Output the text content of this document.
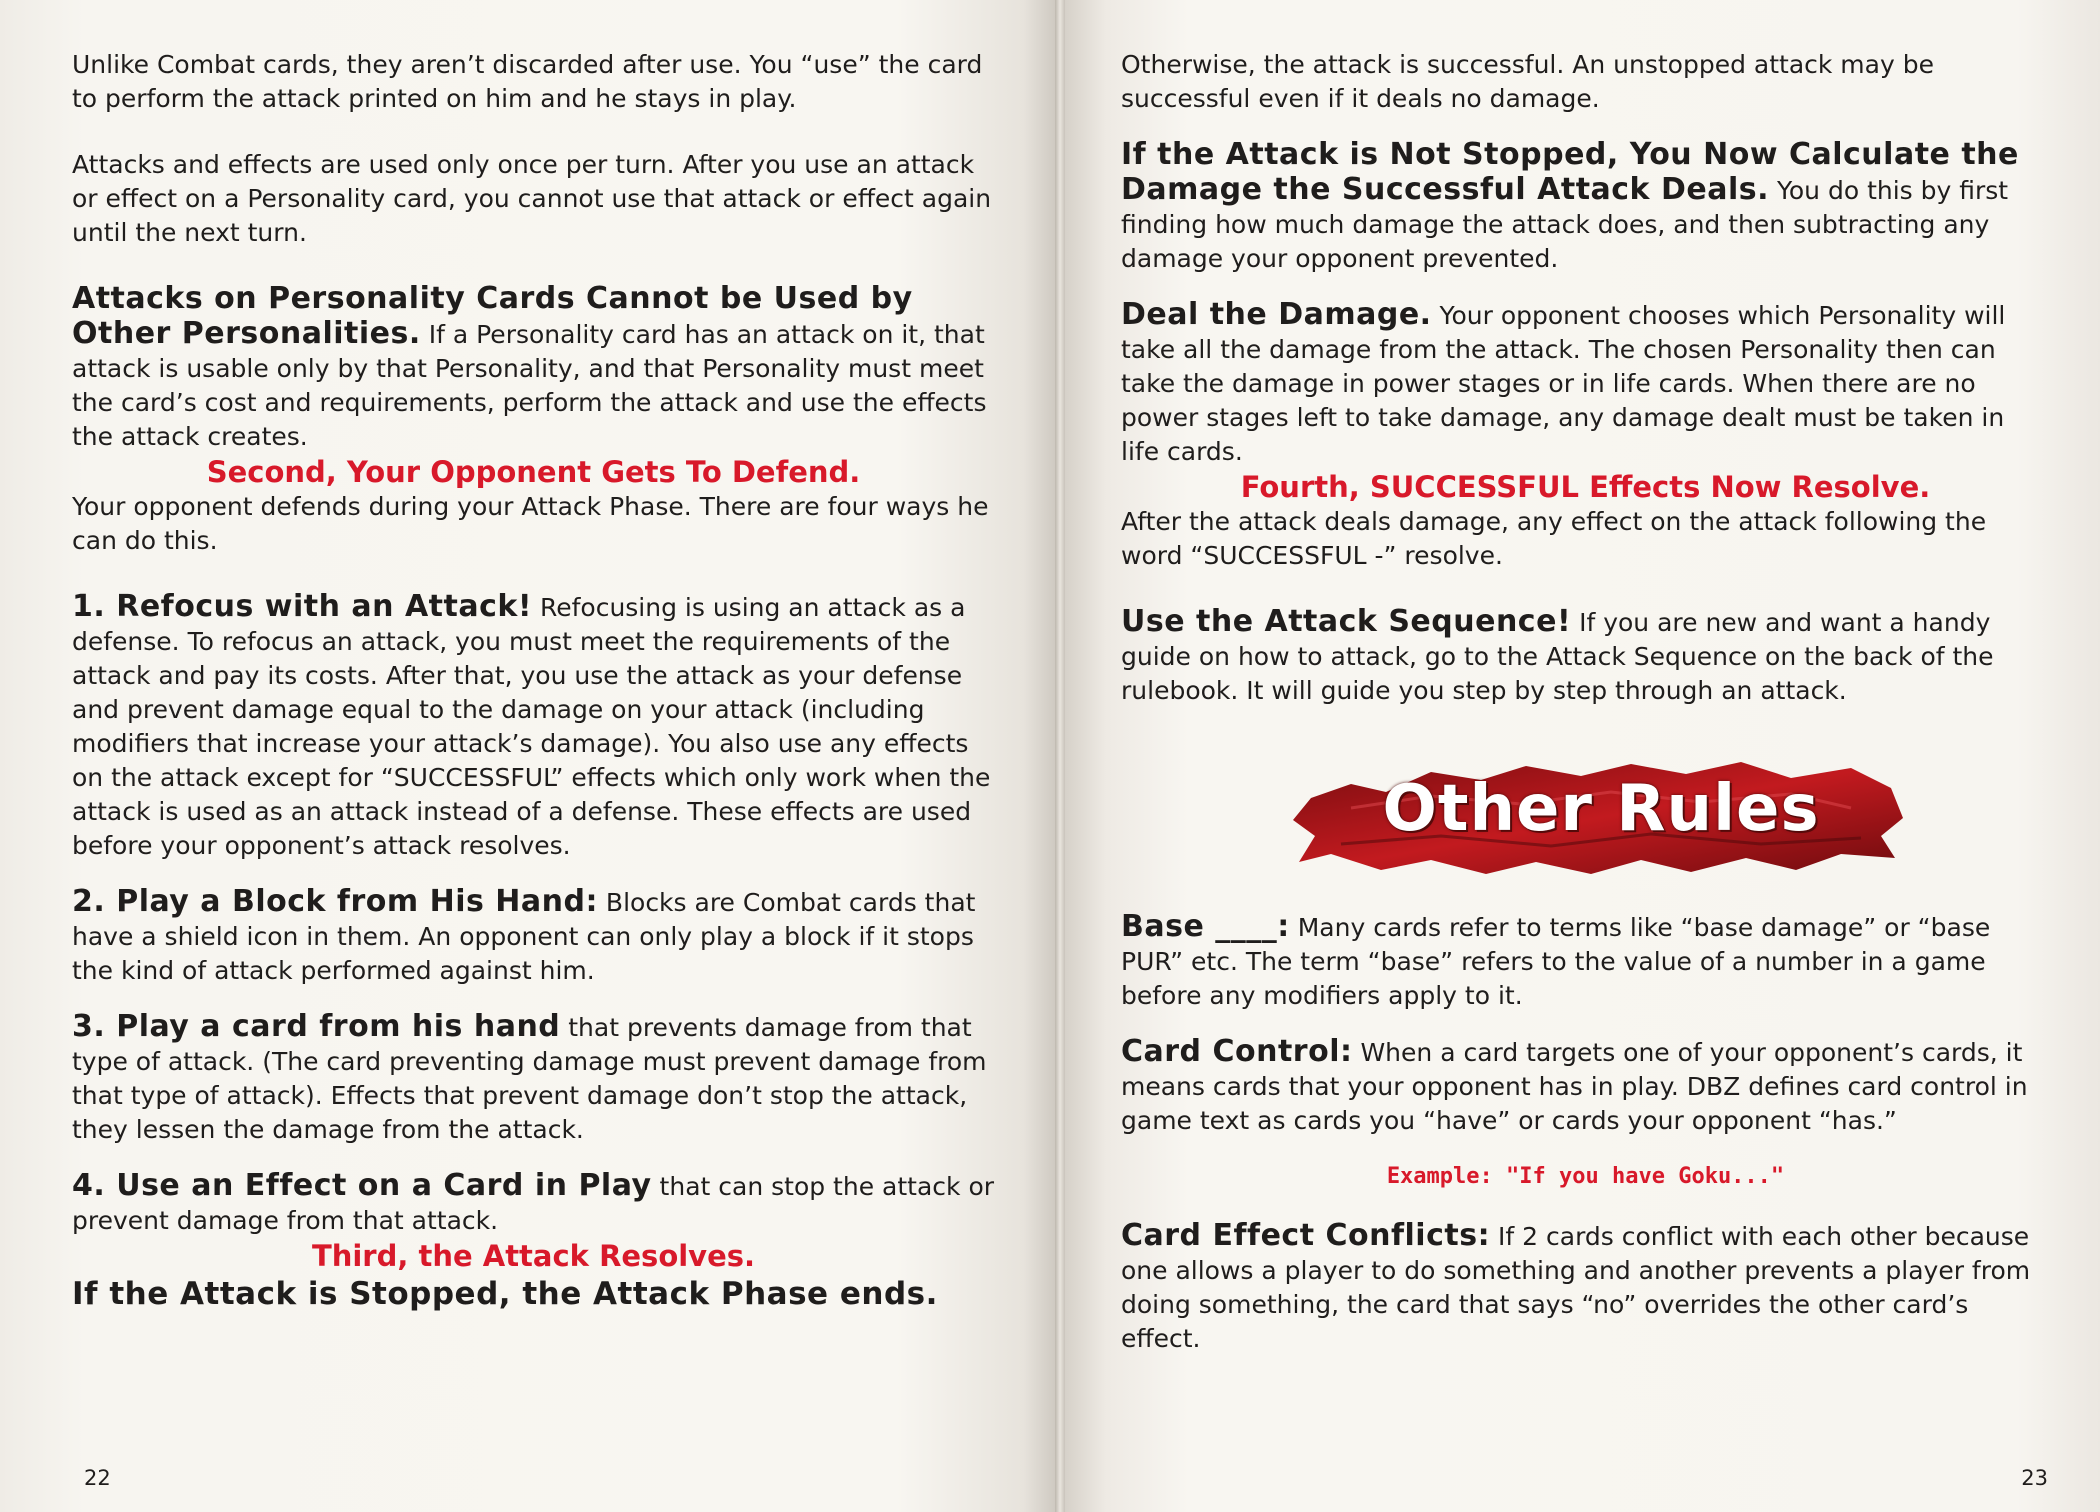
Unlike Combat cards, they aren’t discarded after use. You “use” the card to perform the attack printed on him and he stays in play.

Attacks and effects are used only once per turn. After you use an attack or effect on a Personality card, you cannot use that attack or effect again until the next turn.

Attacks on Personality Cards Cannot be Used by Other Personalities. If a Personality card has an attack on it, that attack is usable only by that Personality, and that Personality must meet the card’s cost and requirements, perform the attack and use the effects the attack creates.

Second, Your Opponent Gets To Defend.

Your opponent defends during your Attack Phase. There are four ways he can do this.

1. Refocus with an Attack! Refocusing is using an attack as a defense. To refocus an attack, you must meet the requirements of the attack and pay its costs. After that, you use the attack as your defense and prevent damage equal to the damage on your attack (including modifiers that increase your attack’s damage). You also use any effects on the attack except for “SUCCESSFUL” effects which only work when the attack is used as an attack instead of a defense. These effects are used before your opponent’s attack resolves.

2. Play a Block from His Hand: Blocks are Combat cards that have a shield icon in them. An opponent can only play a block if it stops the kind of attack performed against him.

3. Play a card from his hand that prevents damage from that type of attack. (The card preventing damage must prevent damage from that type of attack). Effects that prevent damage don’t stop the attack, they lessen the damage from the attack.

4. Use an Effect on a Card in Play that can stop the attack or prevent damage from that attack.

Third, the Attack Resolves.

If the Attack is Stopped, the Attack Phase ends.

22

Otherwise, the attack is successful. An unstopped attack may be successful even if it deals no damage.

If the Attack is Not Stopped, You Now Calculate the Damage the Successful Attack Deals. You do this by first finding how much damage the attack does, and then subtracting any damage your opponent prevented.

Deal the Damage. Your opponent chooses which Personality will take all the damage from the attack. The chosen Personality then can take the damage in power stages or in life cards. When there are no power stages left to take damage, any damage dealt must be taken in life cards.

Fourth, SUCCESSFUL Effects Now Resolve.

After the attack deals damage, any effect on the attack following the word “SUCCESSFUL -” resolve.

Use the Attack Sequence! If you are new and want a handy guide on how to attack, go to the Attack Sequence on the back of the rulebook. It will guide you step by step through an attack.

Other Rules

Base ____: Many cards refer to terms like “base damage” or “base PUR” etc. The term “base” refers to the value of a number in a game before any modifiers apply to it.

Card Control: When a card targets one of your opponent’s cards, it means cards that your opponent has in play. DBZ defines card control in game text as cards you “have” or cards your opponent “has.”

Example: "If you have Goku..."

Card Effect Conflicts: If 2 cards conflict with each other because one allows a player to do something and another prevents a player from doing something, the card that says “no” overrides the other card’s effect.

23
